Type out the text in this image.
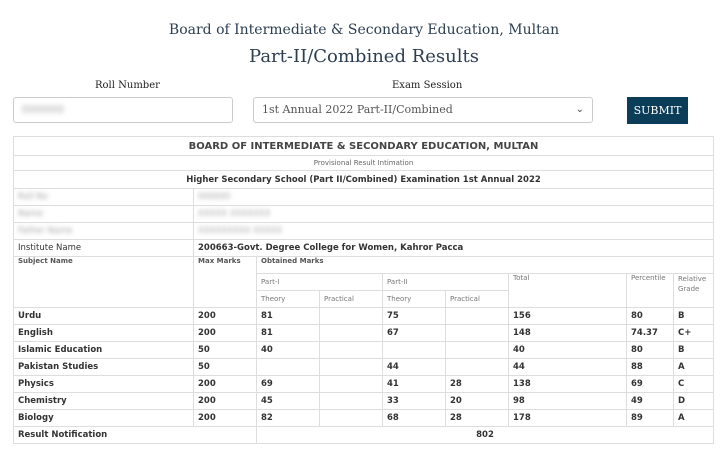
Board of Intermediate & Secondary Education, Multan
Part-II/Combined Results
Roll Number	Exam Session
000000	1st Annual 2022 Part-II/Combined	⌄	SUBMIT
BOARD OF INTERMEDIATE & SECONDARY EDUCATION, MULTAN								
Provisional Result Intimation								
Higher Secondary School (Part II/Combined) Examination 1st Annual 2022								
Roll No	000000							
Name	XXXXX XXXXXXX							
Father Name	XXXXXXXXX XXXXX							
Institute Name	200663-Govt. Degree College for Women, Kahror Pacca							
Subject Name	Max Marks	Obtained Marks						
		Part-I		Part-II		Total	Percentile	Relative Grade
		Theory	Practical	Theory	Practical			
Urdu	200	81		75		156	80	B
English	200	81		67		148	74.37	C+
Islamic Education	50	40				40	80	B
Pakistan Studies	50			44		44	88	A
Physics	200	69		41	28	138	69	C
Chemistry	200	45		33	20	98	49	D
Biology	200	82		68	28	178	89	A
Result Notification		802						
